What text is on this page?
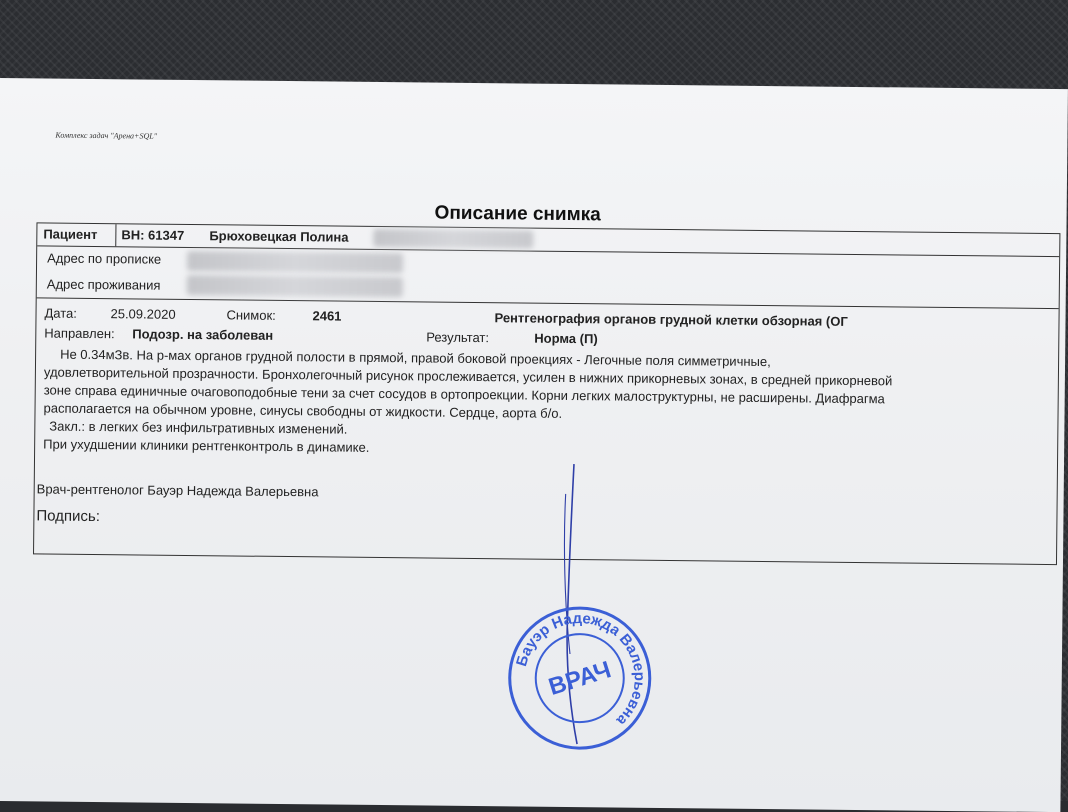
Комплекс задач "Арена+SQL"
Описание снимка
Пациент ВН: 61347 Брюховецкая Полина
Адрес по прописке
Адрес проживания
Дата:	25.09.2020	Снимок:	2461	Рентгенография органов грудной клетки обзорная (ОГ
Направлен: Подозр. на заболеван	Результат:	Норма (П)
Не 0.34мЗв. На р-мах органов грудной полости в прямой, правой боковой проекциях - Легочные поля симметричные,
удовлетворительной прозрачности. Бронхолегочный рисунок прослеживается, усилен в нижних прикорневых зонах, в средней прикорневой
зоне справа единичные очаговоподобные тени за счет сосудов в ортопроекции. Корни легких малоструктурны, не расширены. Диафрагма
располагается на обычном уровне, синусы свободны от жидкости. Сердце, аорта б/о.
Закл.: в легких без инфильтративных изменений.
При ухудшении клиники рентгенконтроль в динамике.
Врач-рентгенолог Бауэр Надежда Валерьевна
Подпись:
Бауэр Надежда Валерьевна
ВРАЧ
